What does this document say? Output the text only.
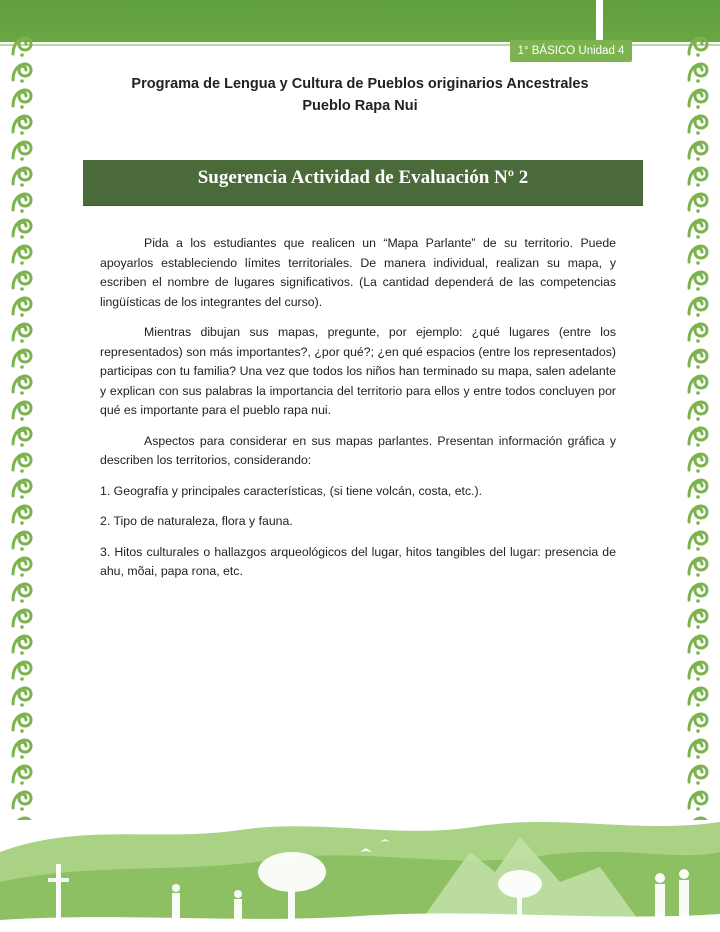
1° BÁSICO Unidad 4
Programa de Lengua y Cultura de Pueblos originarios Ancestrales
Pueblo Rapa Nui
Sugerencia Actividad de Evaluación Nº 2

Pida a los estudiantes que realicen un “Mapa Parlante” de su territorio. Puede apoyarlos estableciendo límites territoriales. De manera individual, realizan su mapa, y escriben el nombre de lugares significativos. (La cantidad dependerá de las competencias lingüísticas de los integrantes del curso).

Mientras dibujan sus mapas, pregunte, por ejemplo: ¿qué lugares (entre los representados) son más importantes?, ¿por qué?; ¿en qué espacios (entre los representados) participas con tu familia? Una vez que todos los niños han terminado su mapa, salen adelante y explican con sus palabras la importancia del territorio para ellos y entre todos concluyen por qué es importante para el pueblo rapa nui.

Aspectos para considerar en sus mapas parlantes. Presentan información gráfica y describen los territorios, considerando:

1. Geografía y principales características, (si tiene volcán, costa, etc.).

2. Tipo de naturaleza, flora y fauna.

3. Hitos culturales o hallazgos arqueológicos del lugar, hitos tangibles del lugar: presencia de ahu, mõai, papa rona, etc.
